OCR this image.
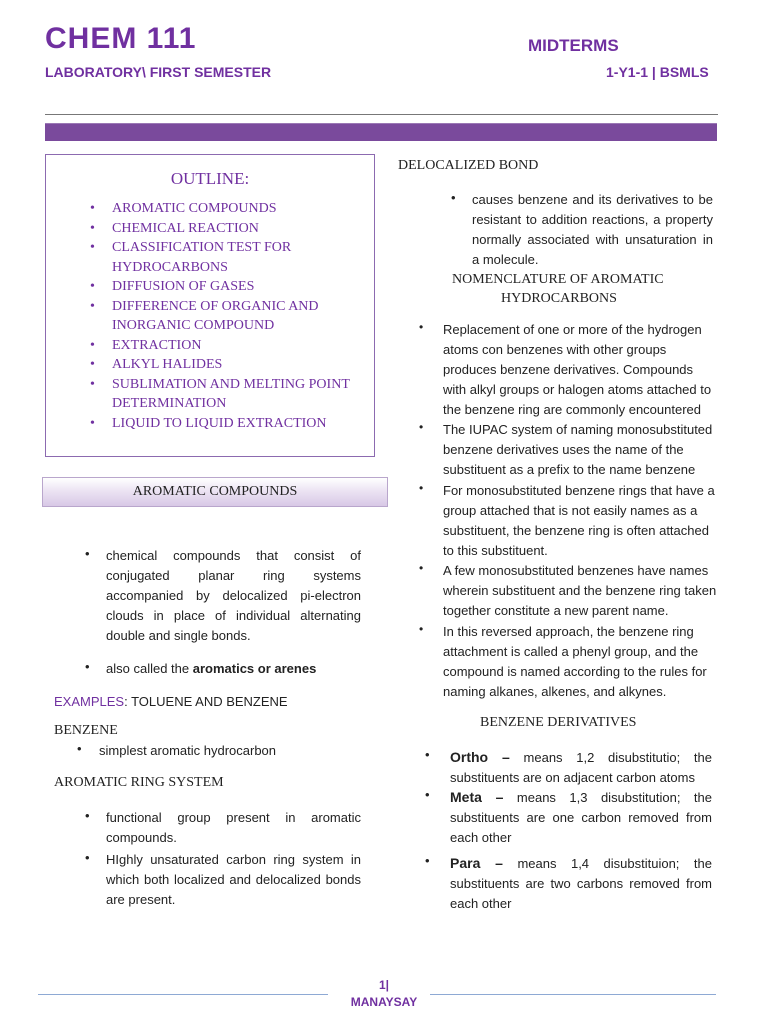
CHEM 111
LABORATORY\ FIRST SEMESTER
MIDTERMS
1-Y1-1 | BSMLS
OUTLINE:
• AROMATIC COMPOUNDS
• CHEMICAL REACTION
• CLASSIFICATION TEST FOR HYDROCARBONS
• DIFFUSION OF GASES
• DIFFERENCE OF ORGANIC AND INORGANIC COMPOUND
• EXTRACTION
• ALKYL HALIDES
• SUBLIMATION AND MELTING POINT DETERMINATION
• LIQUID TO LIQUID EXTRACTION
AROMATIC COMPOUNDS
• chemical compounds that consist of conjugated planar ring systems accompanied by delocalized pi-electron clouds in place of individual alternating double and single bonds.
• also called the aromatics or arenes
EXAMPLES: TOLUENE AND BENZENE
BENZENE
• simplest aromatic hydrocarbon
AROMATIC RING SYSTEM
• functional group present in aromatic compounds.
• HIghly unsaturated carbon ring system in which both localized and delocalized bonds are present.
DELOCALIZED BOND
• causes benzene and its derivatives to be resistant to addition reactions, a property normally associated with unsaturation in a molecule.
NOMENCLATURE OF AROMATIC
HYDROCARBONS
• Replacement of one or more of the hydrogen atoms con benzenes with other groups produces benzene derivatives. Compounds with alkyl groups or halogen atoms attached to the benzene ring are commonly encountered
• The IUPAC system of naming monosubstituted benzene derivatives uses the name of the substituent as a prefix to the name benzene
• For monosubstituted benzene rings that have a group attached that is not easily names as a substituent, the benzene ring is often attached to this substituent.
• A few monosubstituted benzenes have names wherein substituent and the benzene ring taken together constitute a new parent name.
• In this reversed approach, the benzene ring attachment is called a phenyl group, and the compound is named according to the rules for naming alkanes, alkenes, and alkynes.
BENZENE DERIVATIVES
• Ortho – means 1,2 disubstitutio; the substituents are on adjacent carbon atoms
• Meta – means 1,3 disubstitution; the substituents are one carbon removed from each other
• Para – means 1,4 disubstituion; the substituents are two carbons removed from each other
1|
MANAYSAY
